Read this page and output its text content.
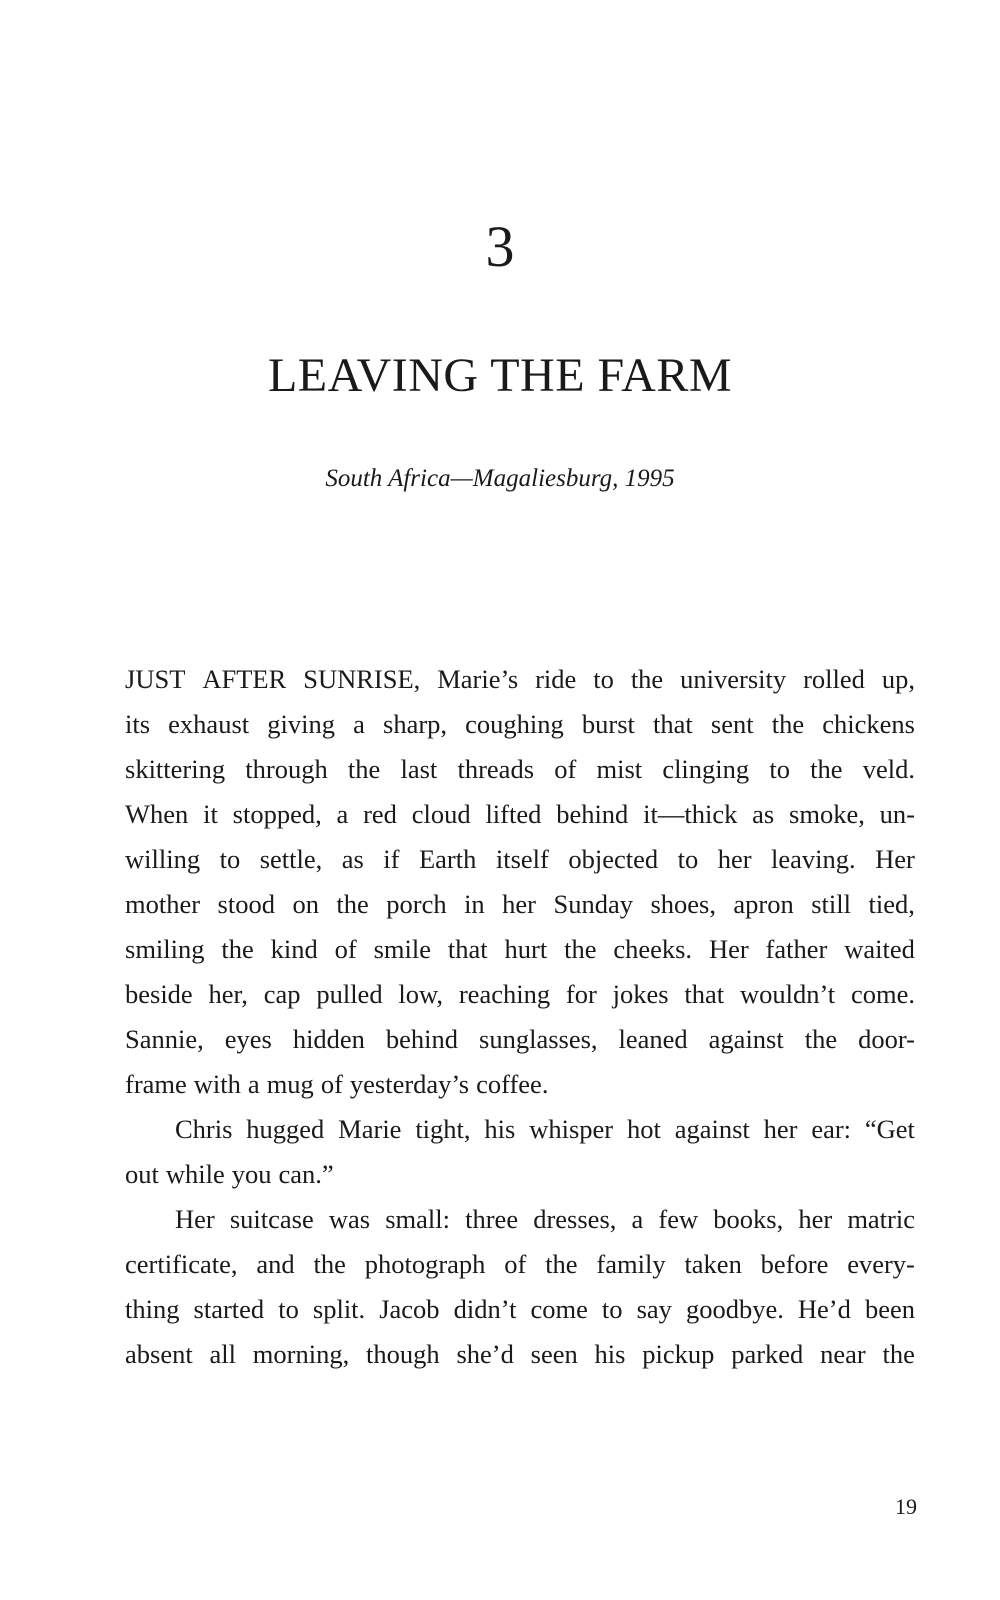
3
LEAVING THE FARM
South Africa—Magaliesburg, 1995
JUST AFTER SUNRISE, Marie’s ride to the university rolled up,
its exhaust giving a sharp, coughing burst that sent the chickens
skittering through the last threads of mist clinging to the veld.
When it stopped, a red cloud lifted behind it—thick as smoke, un-
willing to settle, as if Earth itself objected to her leaving. Her
mother stood on the porch in her Sunday shoes, apron still tied,
smiling the kind of smile that hurt the cheeks. Her father waited
beside her, cap pulled low, reaching for jokes that wouldn’t come.
Sannie, eyes hidden behind sunglasses, leaned against the door-
frame with a mug of yesterday’s coffee.
Chris hugged Marie tight, his whisper hot against her ear: “Get
out while you can.”
Her suitcase was small: three dresses, a few books, her matric
certificate, and the photograph of the family taken before every-
thing started to split. Jacob didn’t come to say goodbye. He’d been
absent all morning, though she’d seen his pickup parked near the
19
